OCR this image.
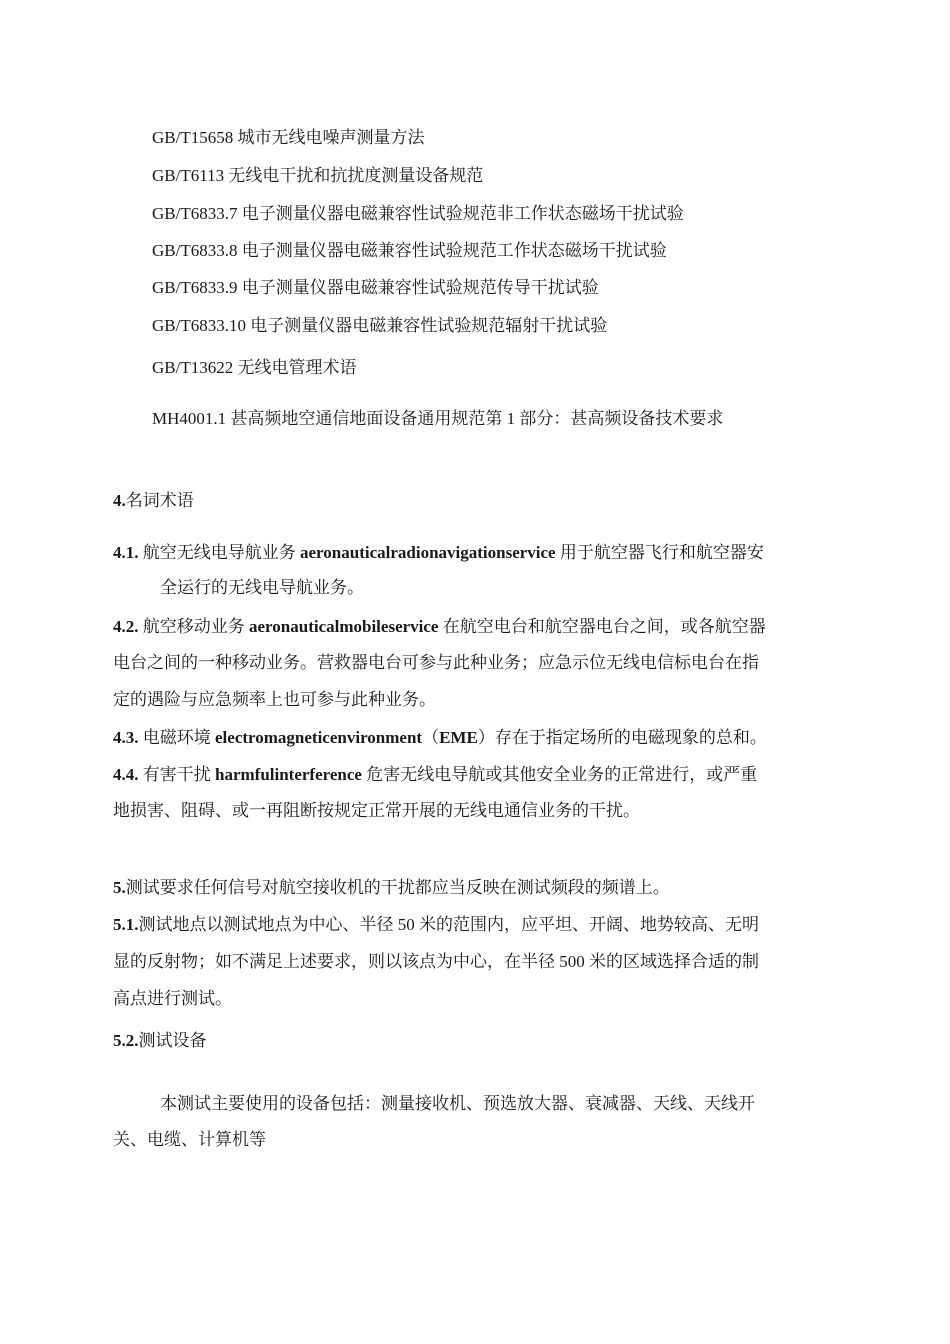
GB/T15658 城市无线电噪声测量方法
GB/T6113 无线电干扰和抗扰度测量设备规范
GB/T6833.7 电子测量仪器电磁兼容性试验规范非工作状态磁场干扰试验
GB/T6833.8 电子测量仪器电磁兼容性试验规范工作状态磁场干扰试验
GB/T6833.9 电子测量仪器电磁兼容性试验规范传导干扰试验
GB/T6833.10 电子测量仪器电磁兼容性试验规范辐射干扰试验
GB/T13622 无线电管理术语
MH4001.1 甚高频地空通信地面设备通用规范第 1 部分：甚高频设备技术要求
4.名词术语
4.1. 航空无线电导航业务 aeronauticalradionavigationservice 用于航空器飞行和航空器安
全运行的无线电导航业务。
4.2. 航空移动业务 aeronauticalmobileservice 在航空电台和航空器电台之间，或各航空器
电台之间的一种移动业务。营救器电台可参与此种业务；应急示位无线电信标电台在指
定的遇险与应急频率上也可参与此种业务。
4.3. 电磁环境 electromagneticenvironment（EME）存在于指定场所的电磁现象的总和。
4.4. 有害干扰 harmfulinterference 危害无线电导航或其他安全业务的正常进行，或严重
地损害、阻碍、或一再阻断按规定正常开展的无线电通信业务的干扰。
5.测试要求任何信号对航空接收机的干扰都应当反映在测试频段的频谱上。
5.1.测试地点以测试地点为中心、半径 50 米的范围内，应平坦、开阔、地势较高、无明
显的反射物；如不满足上述要求，则以该点为中心，在半径 500 米的区域选择合适的制
高点进行测试。
5.2.测试设备
本测试主要使用的设备包括：测量接收机、预选放大器、衰减器、天线、天线开
关、电缆、计算机等
